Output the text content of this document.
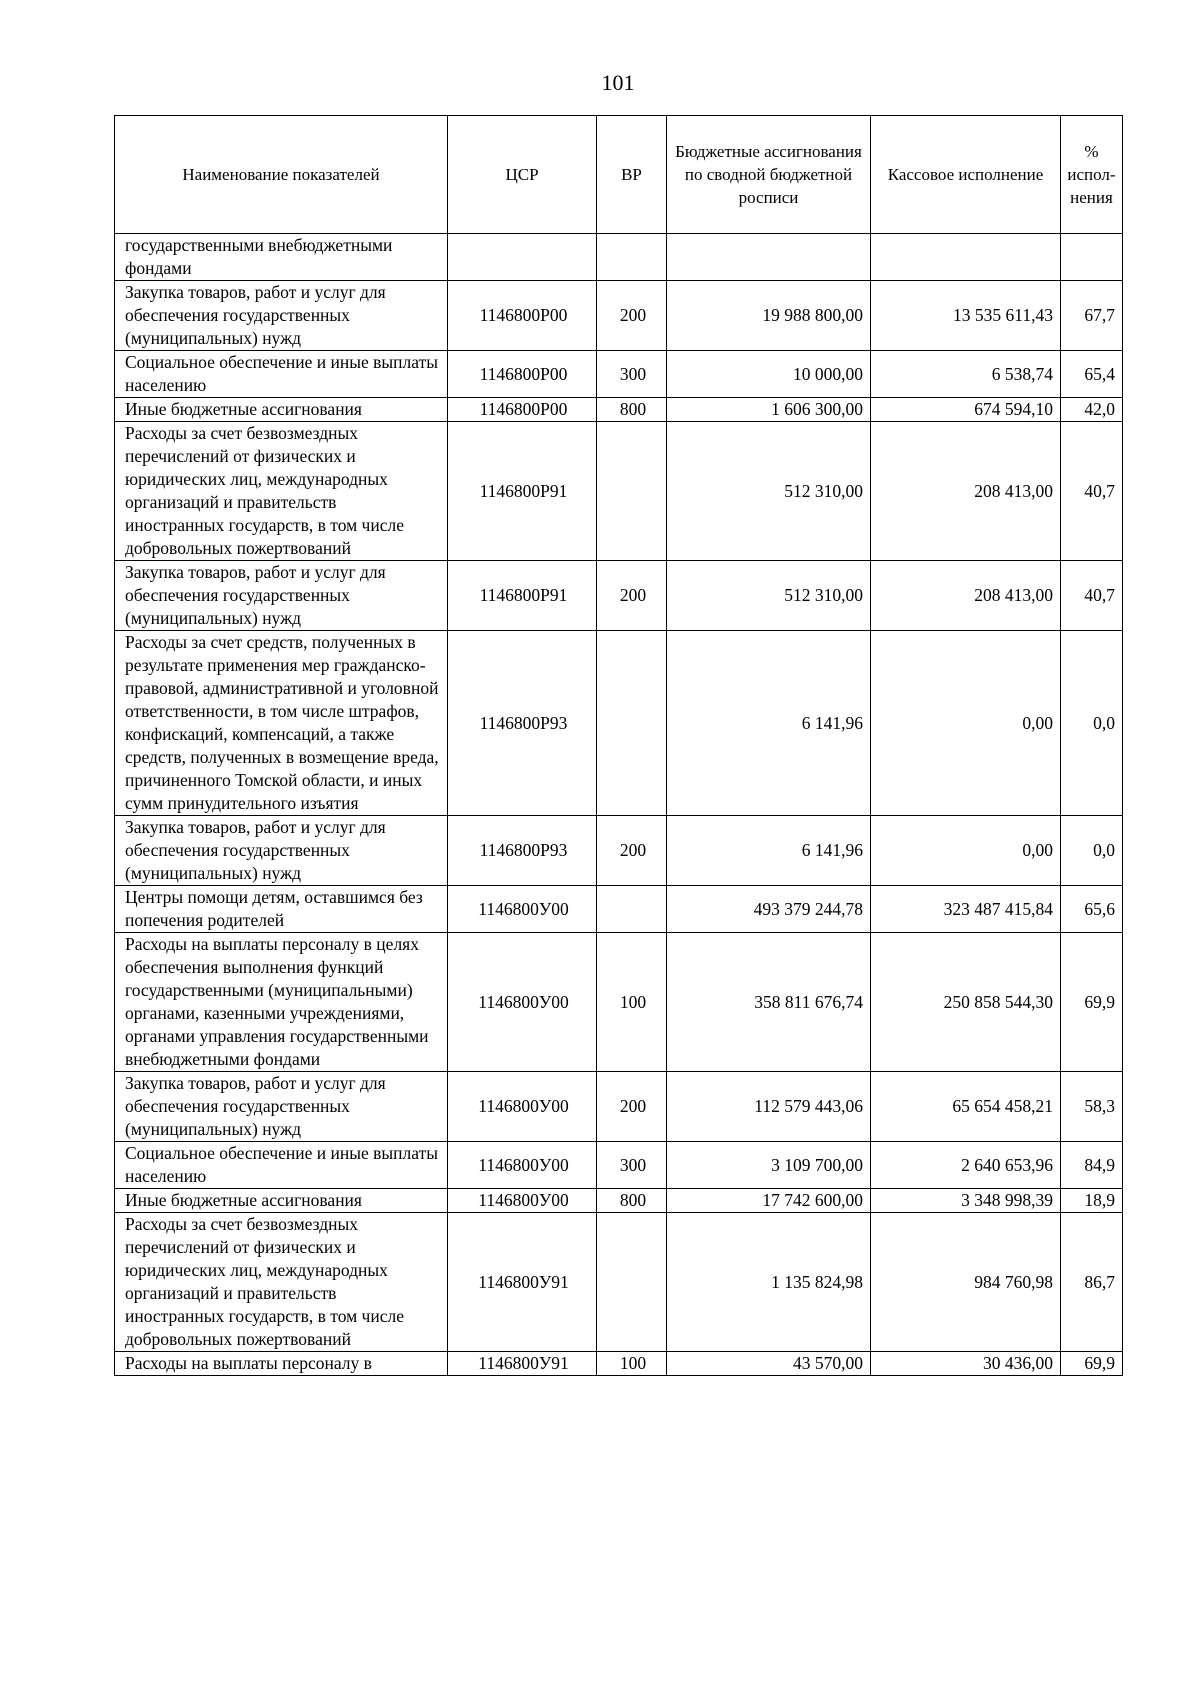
101
Наименование показателей	ЦСР	ВР	Бюджетные ассигнования по сводной бюджетной росписи	Кассовое исполнение	% испол-нения
государственными внебюджетными фондами					
Закупка товаров, работ и услуг для обеспечения государственных (муниципальных) нужд	1146800Р00	200	19 988 800,00	13 535 611,43	67,7
Социальное обеспечение и иные выплаты населению	1146800Р00	300	10 000,00	6 538,74	65,4
Иные бюджетные ассигнования	1146800Р00	800	1 606 300,00	674 594,10	42,0
Расходы за счет безвозмездных перечислений от физических и юридических лиц, международных организаций и правительств иностранных государств, в том числе добровольных пожертвований	1146800Р91		512 310,00	208 413,00	40,7
Закупка товаров, работ и услуг для обеспечения государственных (муниципальных) нужд	1146800Р91	200	512 310,00	208 413,00	40,7
Расходы за счет средств, полученных в результате применения мер гражданско-правовой, административной и уголовной ответственности, в том числе штрафов, конфискаций, компенсаций, а также средств, полученных в возмещение вреда, причиненного Томской области, и иных сумм принудительного изъятия	1146800Р93		6 141,96	0,00	0,0
Закупка товаров, работ и услуг для обеспечения государственных (муниципальных) нужд	1146800Р93	200	6 141,96	0,00	0,0
Центры помощи детям, оставшимся без попечения родителей	1146800У00		493 379 244,78	323 487 415,84	65,6
Расходы на выплаты персоналу в целях обеспечения выполнения функций государственными (муниципальными) органами, казенными учреждениями, органами управления государственными внебюджетными фондами	1146800У00	100	358 811 676,74	250 858 544,30	69,9
Закупка товаров, работ и услуг для обеспечения государственных (муниципальных) нужд	1146800У00	200	112 579 443,06	65 654 458,21	58,3
Социальное обеспечение и иные выплаты населению	1146800У00	300	3 109 700,00	2 640 653,96	84,9
Иные бюджетные ассигнования	1146800У00	800	17 742 600,00	3 348 998,39	18,9
Расходы за счет безвозмездных перечислений от физических и юридических лиц, международных организаций и правительств иностранных государств, в том числе добровольных пожертвований	1146800У91		1 135 824,98	984 760,98	86,7
Расходы на выплаты персоналу в	1146800У91	100	43 570,00	30 436,00	69,9
